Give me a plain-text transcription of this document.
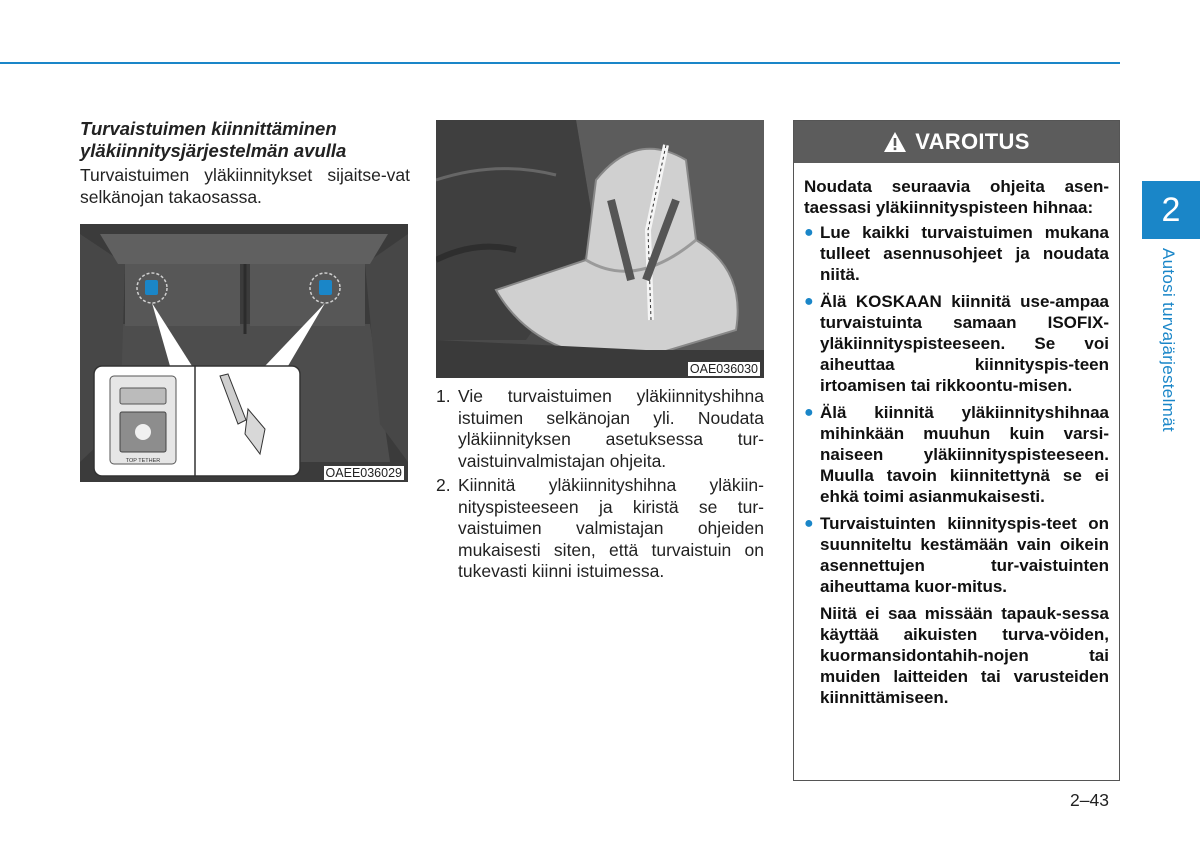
Turvaistuimen kiinnittäminen
yläkiinnitysjärjestelmän avulla

Turvaistuimen yläkiinnitykset sijaitse-vat selkänojan takaosassa.

TOP TETHER
OAEE036029
OAE036030
1. Vie turvaistuimen yläkiinnityshihna istuimen selkänojan yli. Noudata yläkiinnityksen asetuksessa tur-vaistuinvalmistajan ohjeita.
2. Kiinnitä yläkiinnityshihna yläkiin-nityspisteeseen ja kiristä se tur-vaistuimen valmistajan ohjeiden mukaisesti siten, että turvaistuin on tukevasti kiinni istuimessa.
VAROITUS

Noudata seuraavia ohjeita asen-taessasi yläkiinnityspisteen hihnaa:

● Lue kaikki turvaistuimen mukana tulleet asennusohjeet ja noudata niitä.
● Älä KOSKAAN kiinnitä use-ampaa turvaistuinta samaan ISOFIX-yläkiinnityspisteeseen. Se voi aiheuttaa kiinnityspis-teen irtoamisen tai rikkoontu-misen.
● Älä kiinnitä yläkiinnityshihnaa mihinkään muuhun kuin varsi-naiseen yläkiinnityspisteeseen. Muulla tavoin kiinnitettynä se ei ehkä toimi asianmukaisesti.
● Turvaistuinten kiinnityspis-teet on suunniteltu kestämään vain oikein asennettujen tur-vaistuinten aiheuttama kuor-mitus.

Niitä ei saa missään tapauk-sessa käyttää aikuisten turva-vöiden, kuormansidontahih-nojen tai muiden laitteiden tai varusteiden kiinnittämiseen.

2
Autosi turvajärjestelmät
2–43
